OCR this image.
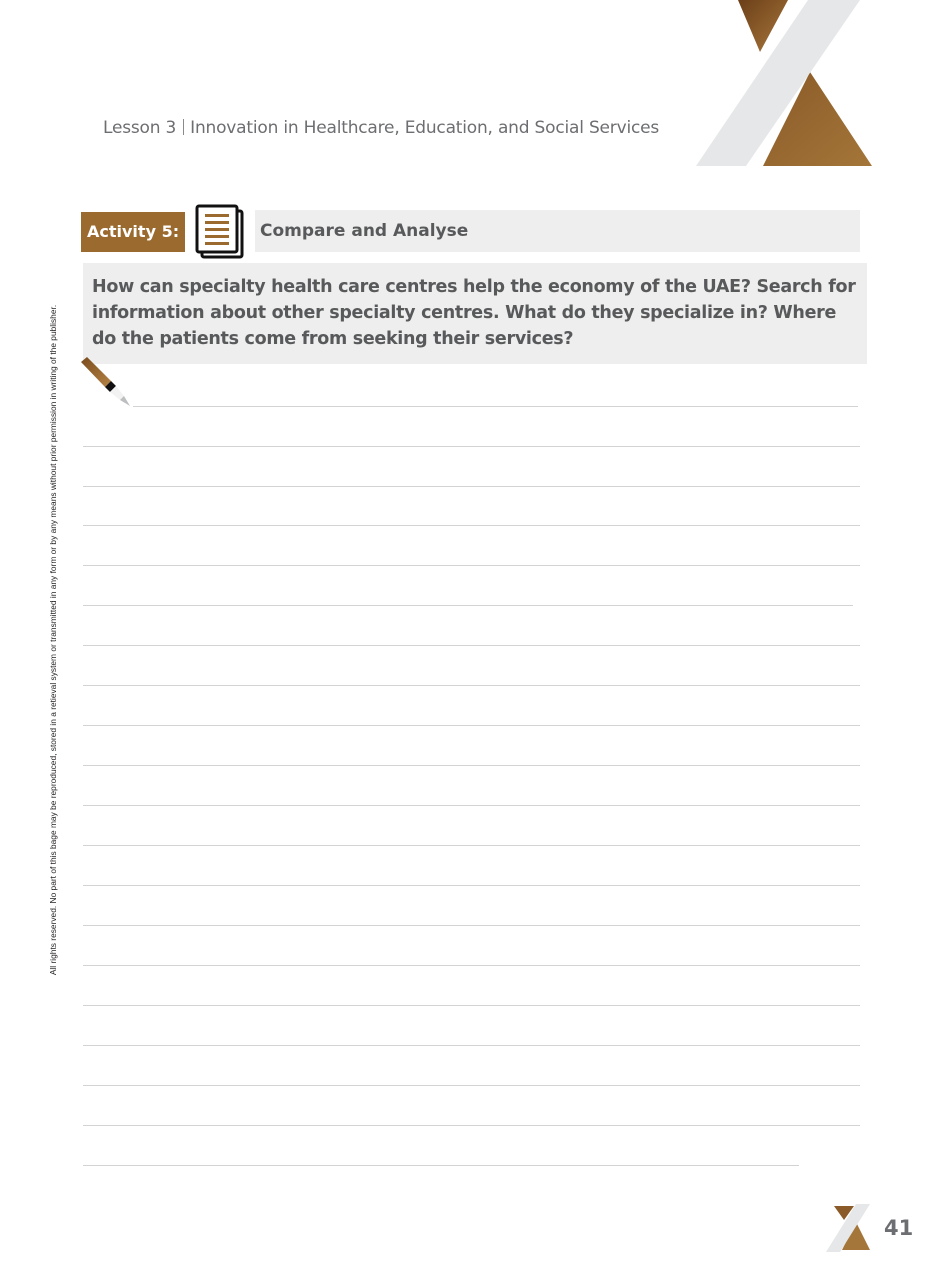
Lesson 3 Innovation in Healthcare, Education, and Social Services
Activity 5:	Compare and Analyse
How can specialty health care centres help the economy of the UAE? Search for information about other specialty centres. What do they specialize in? Where do the patients come from seeking their services?
All rights reserved. No part of this bage may be reproduced, stored in a retieval system or transmitted in any form or by any means without prior permission in writing of the publisher.
41
